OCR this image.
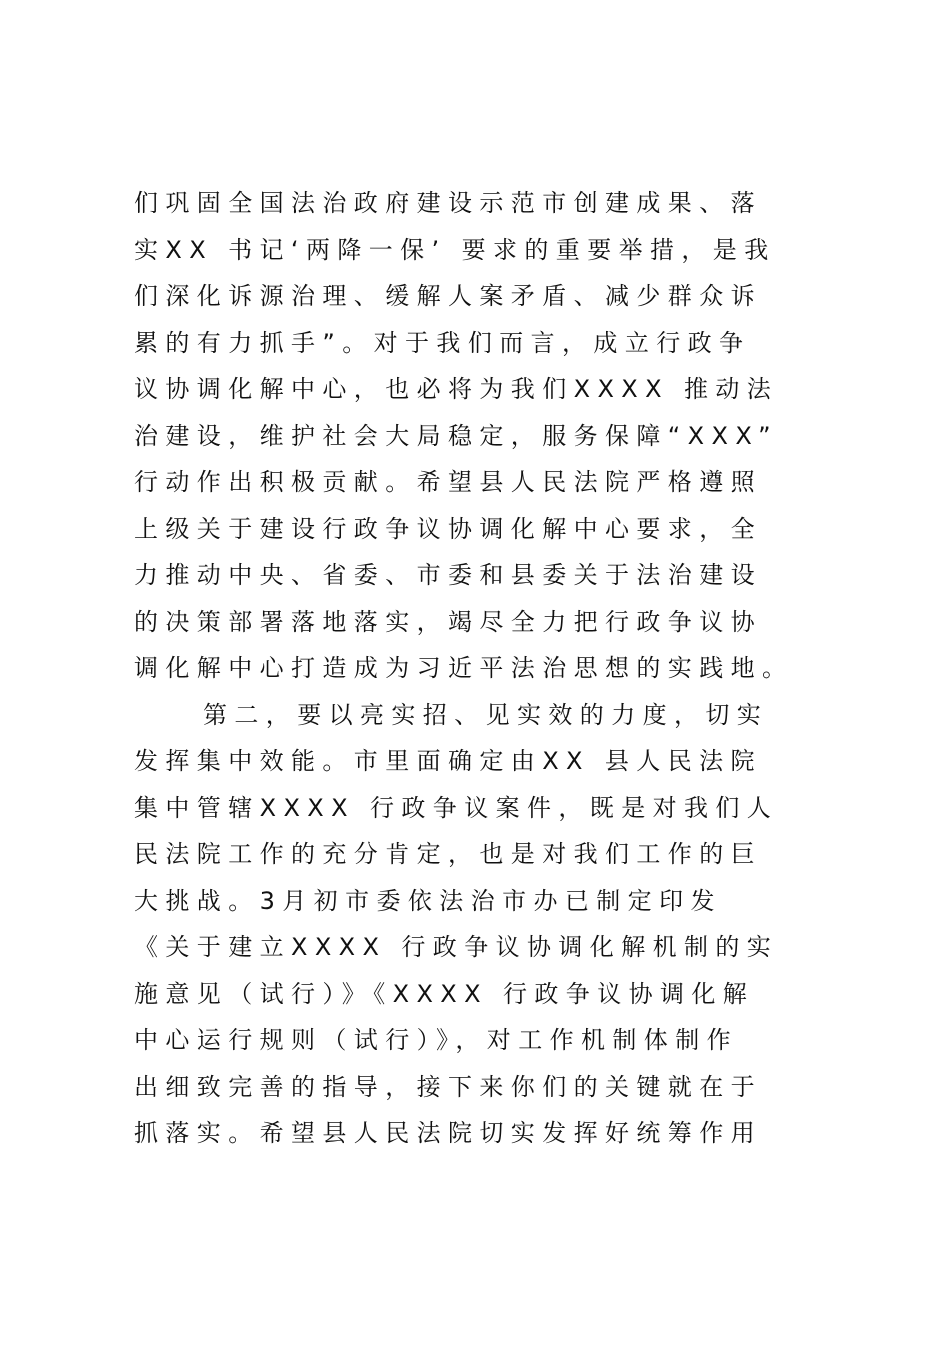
们巩固全国法治政府建设示范市创建成果、落
实XX 书记‘两降一保’ 要求的重要举措，是我
们深化诉源治理、缓解人案矛盾、减少群众诉
累的有力抓手”。对于我们而言，成立行政争
议协调化解中心，也必将为我们XXXX 推动法
治建设，维护社会大局稳定，服务保障“XXX”
行动作出积极贡献。希望县人民法院严格遵照
上级关于建设行政争议协调化解中心要求，全
力推动中央、省委、市委和县委关于法治建设
的决策部署落地落实，竭尽全力把行政争议协
调化解中心打造成为习近平法治思想的实践地。
第二，要以亮实招、见实效的力度，切实
发挥集中效能。市里面确定由XX 县人民法院
集中管辖XXXX 行政争议案件，既是对我们人
民法院工作的充分肯定，也是对我们工作的巨
大挑战。3月初市委依法治市办已制定印发
《关于建立XXXX 行政争议协调化解机制的实
施意见（试行）》《XXXX 行政争议协调化解
中心运行规则（试行）》，对工作机制体制作
出细致完善的指导，接下来你们的关键就在于
抓落实。希望县人民法院切实发挥好统筹作用
